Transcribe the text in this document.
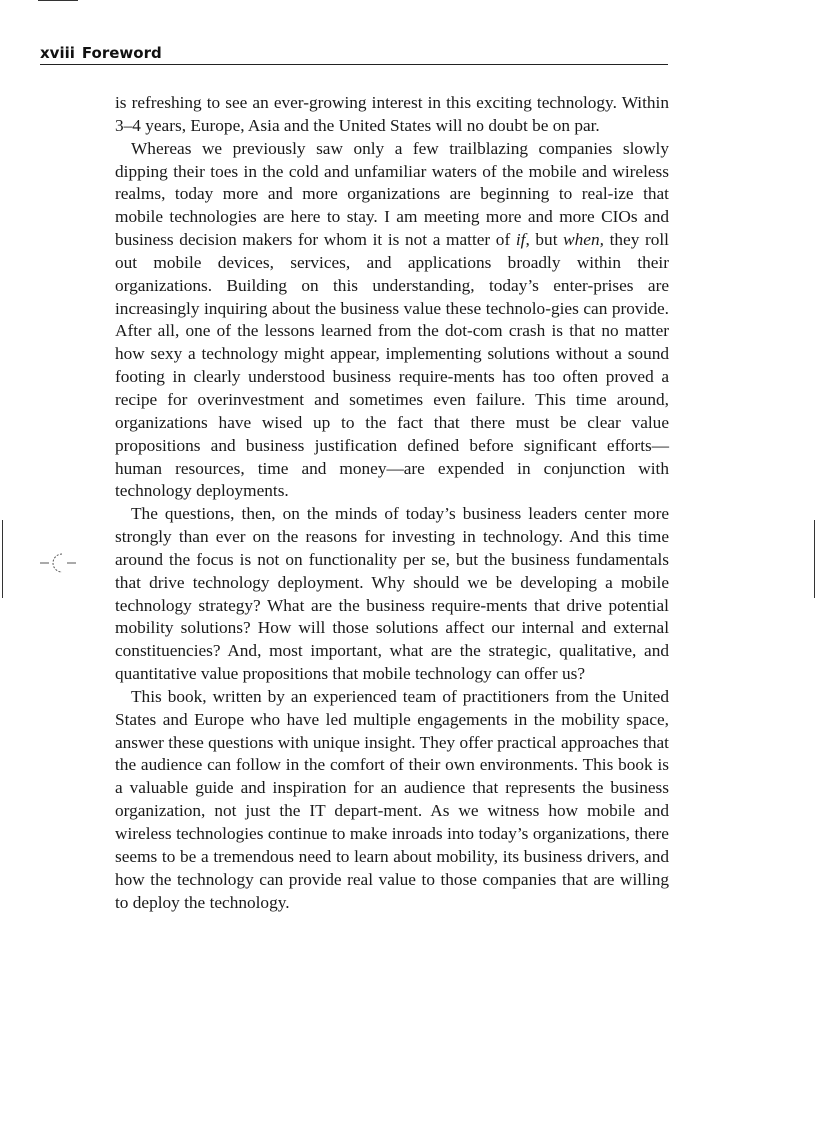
xviii Foreword

is refreshing to see an ever-growing interest in this exciting technology. Within 3–4 years, Europe, Asia and the United States will no doubt be on par.

Whereas we previously saw only a few trailblazing companies slowly dipping their toes in the cold and unfamiliar waters of the mobile and wireless realms, today more and more organizations are beginning to real-ize that mobile technologies are here to stay. I am meeting more and more CIOs and business decision makers for whom it is not a matter of if, but when, they roll out mobile devices, services, and applications broadly within their organizations. Building on this understanding, today’s enter-prises are increasingly inquiring about the business value these technolo-gies can provide. After all, one of the lessons learned from the dot-com crash is that no matter how sexy a technology might appear, implementing solutions without a sound footing in clearly understood business require-ments has too often proved a recipe for overinvestment and sometimes even failure. This time around, organizations have wised up to the fact that there must be clear value propositions and business justification defined before significant efforts—human resources, time and money—are expended in conjunction with technology deployments.

The questions, then, on the minds of today’s business leaders center more strongly than ever on the reasons for investing in technology. And this time around the focus is not on functionality per se, but the business fundamentals that drive technology deployment. Why should we be developing a mobile technology strategy? What are the business require-ments that drive potential mobility solutions? How will those solutions affect our internal and external constituencies? And, most important, what are the strategic, qualitative, and quantitative value propositions that mobile technology can offer us?

This book, written by an experienced team of practitioners from the United States and Europe who have led multiple engagements in the mobility space, answer these questions with unique insight. They offer practical approaches that the audience can follow in the comfort of their own environments. This book is a valuable guide and inspiration for an audience that represents the business organization, not just the IT depart-ment. As we witness how mobile and wireless technologies continue to make inroads into today’s organizations, there seems to be a tremendous need to learn about mobility, its business drivers, and how the technology can provide real value to those companies that are willing to deploy the technology.
